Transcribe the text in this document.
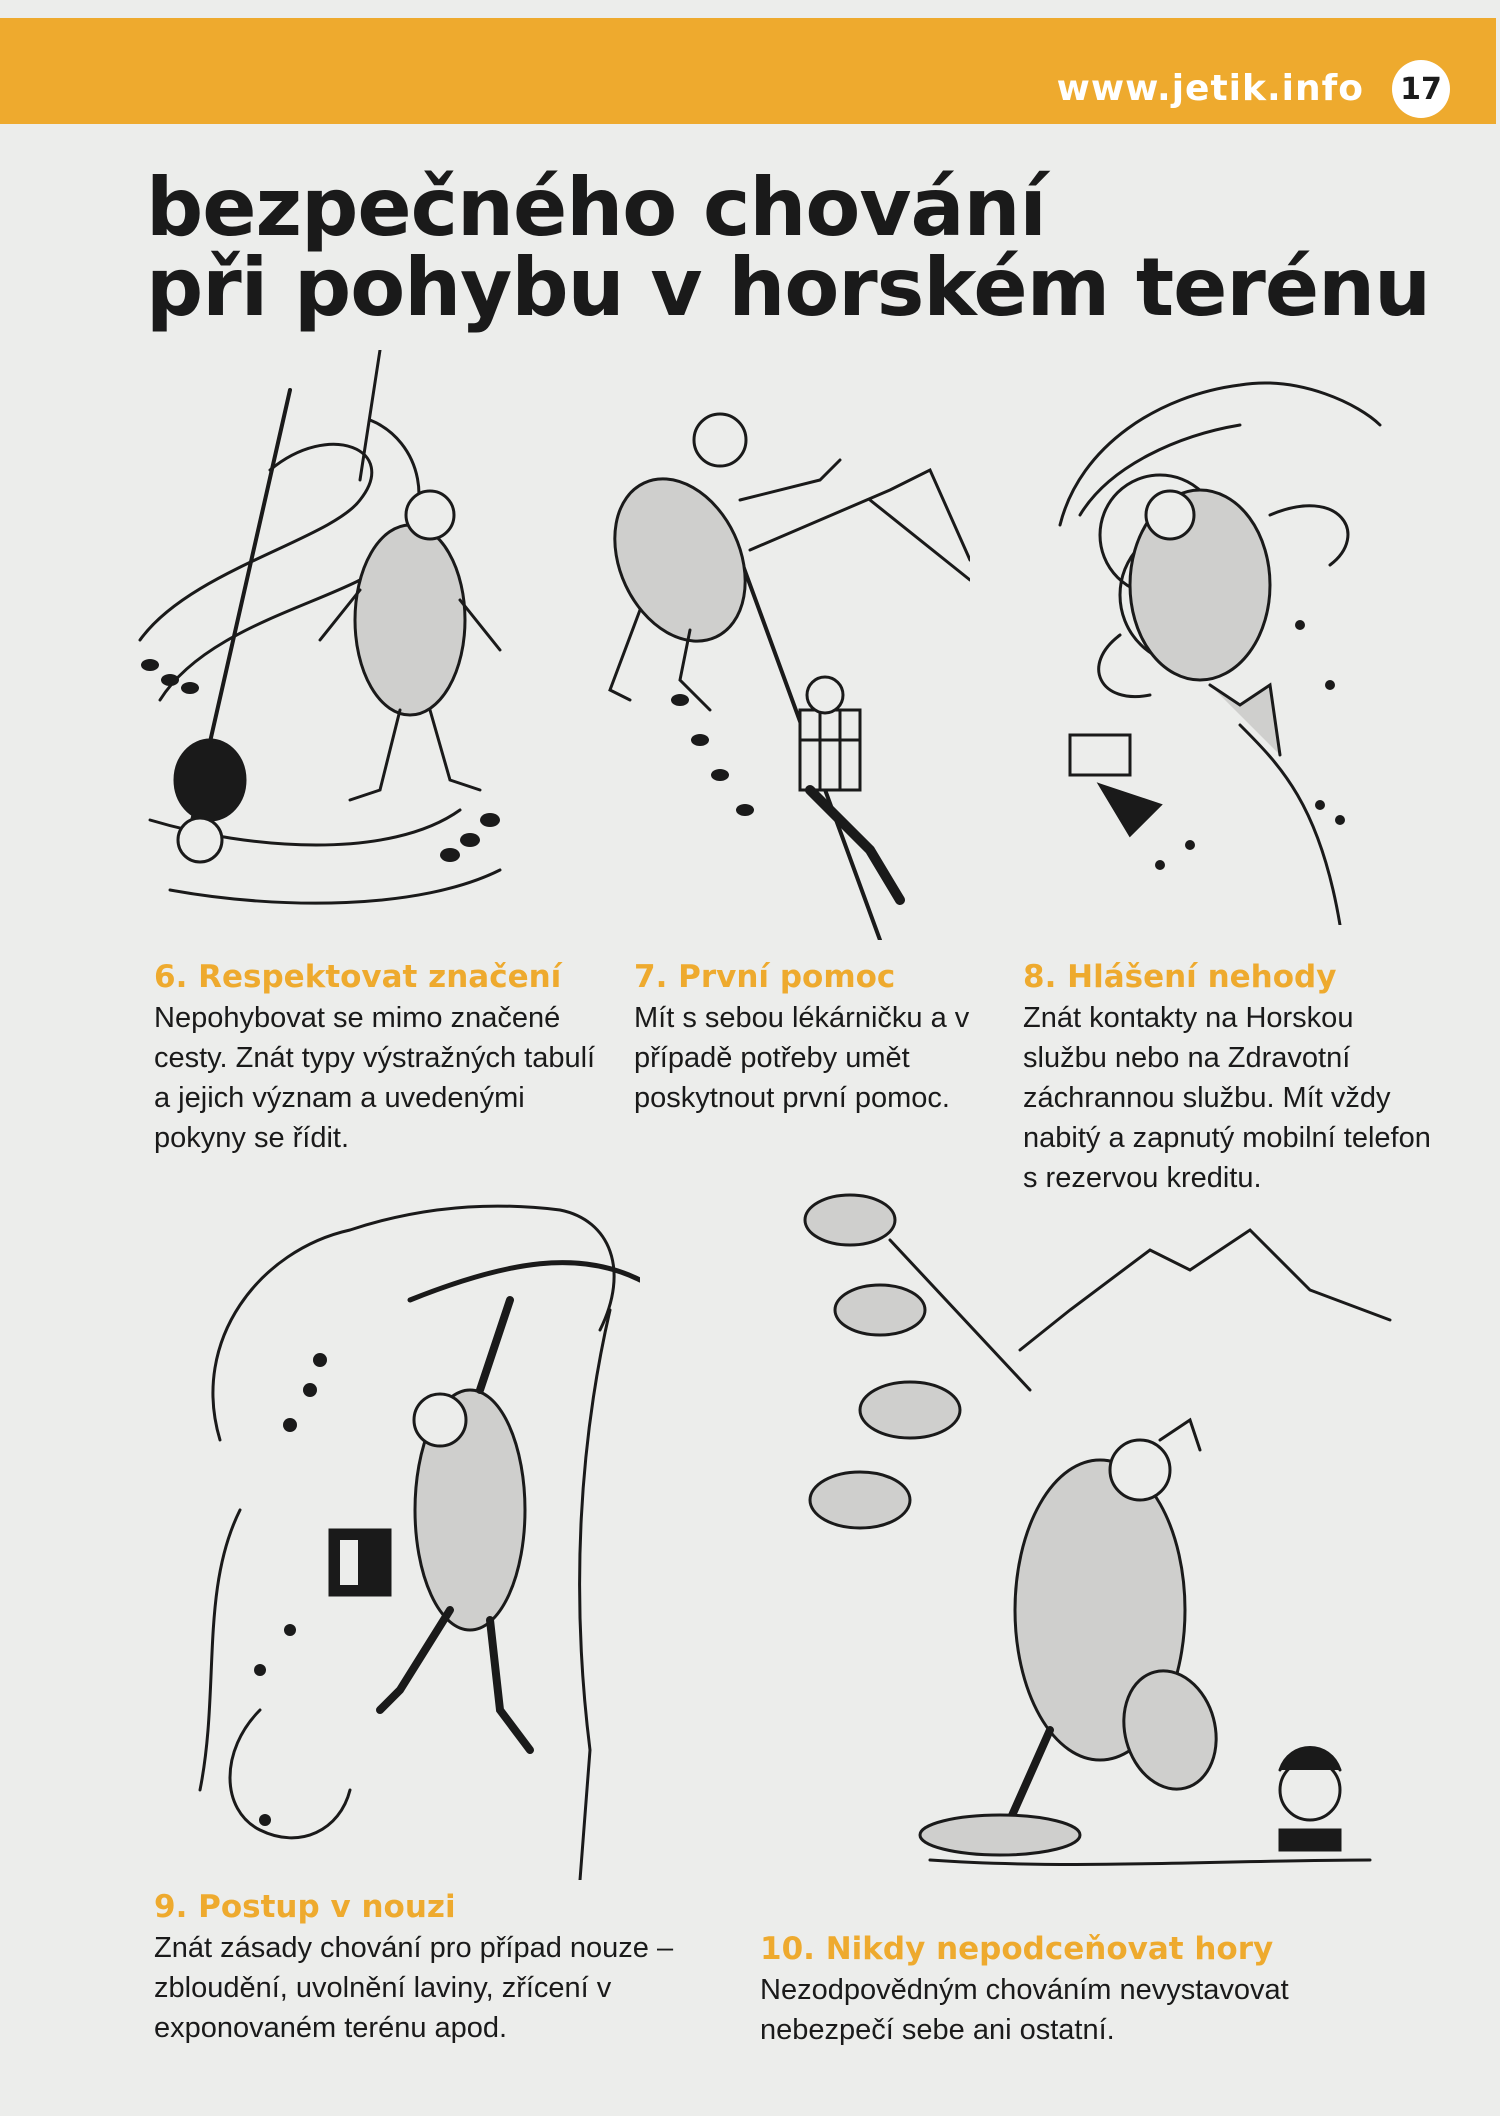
www.jetik.info 17
bezpečného chování
při pohybu v horském terénu

6. Respektovat značení

Nepohybovat se mimo značené cesty. Znát typy výstražných tabulí a jejich význam a uvedenými pokyny se řídit.

7. První pomoc

Mít s sebou lékárničku a v případě potřeby umět poskytnout první pomoc.

8. Hlášení nehody

Znát kontakty na Horskou službu nebo na Zdravotní záchrannou službu. Mít vždy nabitý a zapnutý mobilní telefon s rezervou kreditu.

9. Postup v nouzi

Znát zásady chování pro případ nouze – zbloudění, uvolnění laviny, zřícení v exponovaném terénu apod.

10. Nikdy nepodceňovat hory

Nezodpovědným chováním nevystavovat nebezpečí sebe ani ostatní.
